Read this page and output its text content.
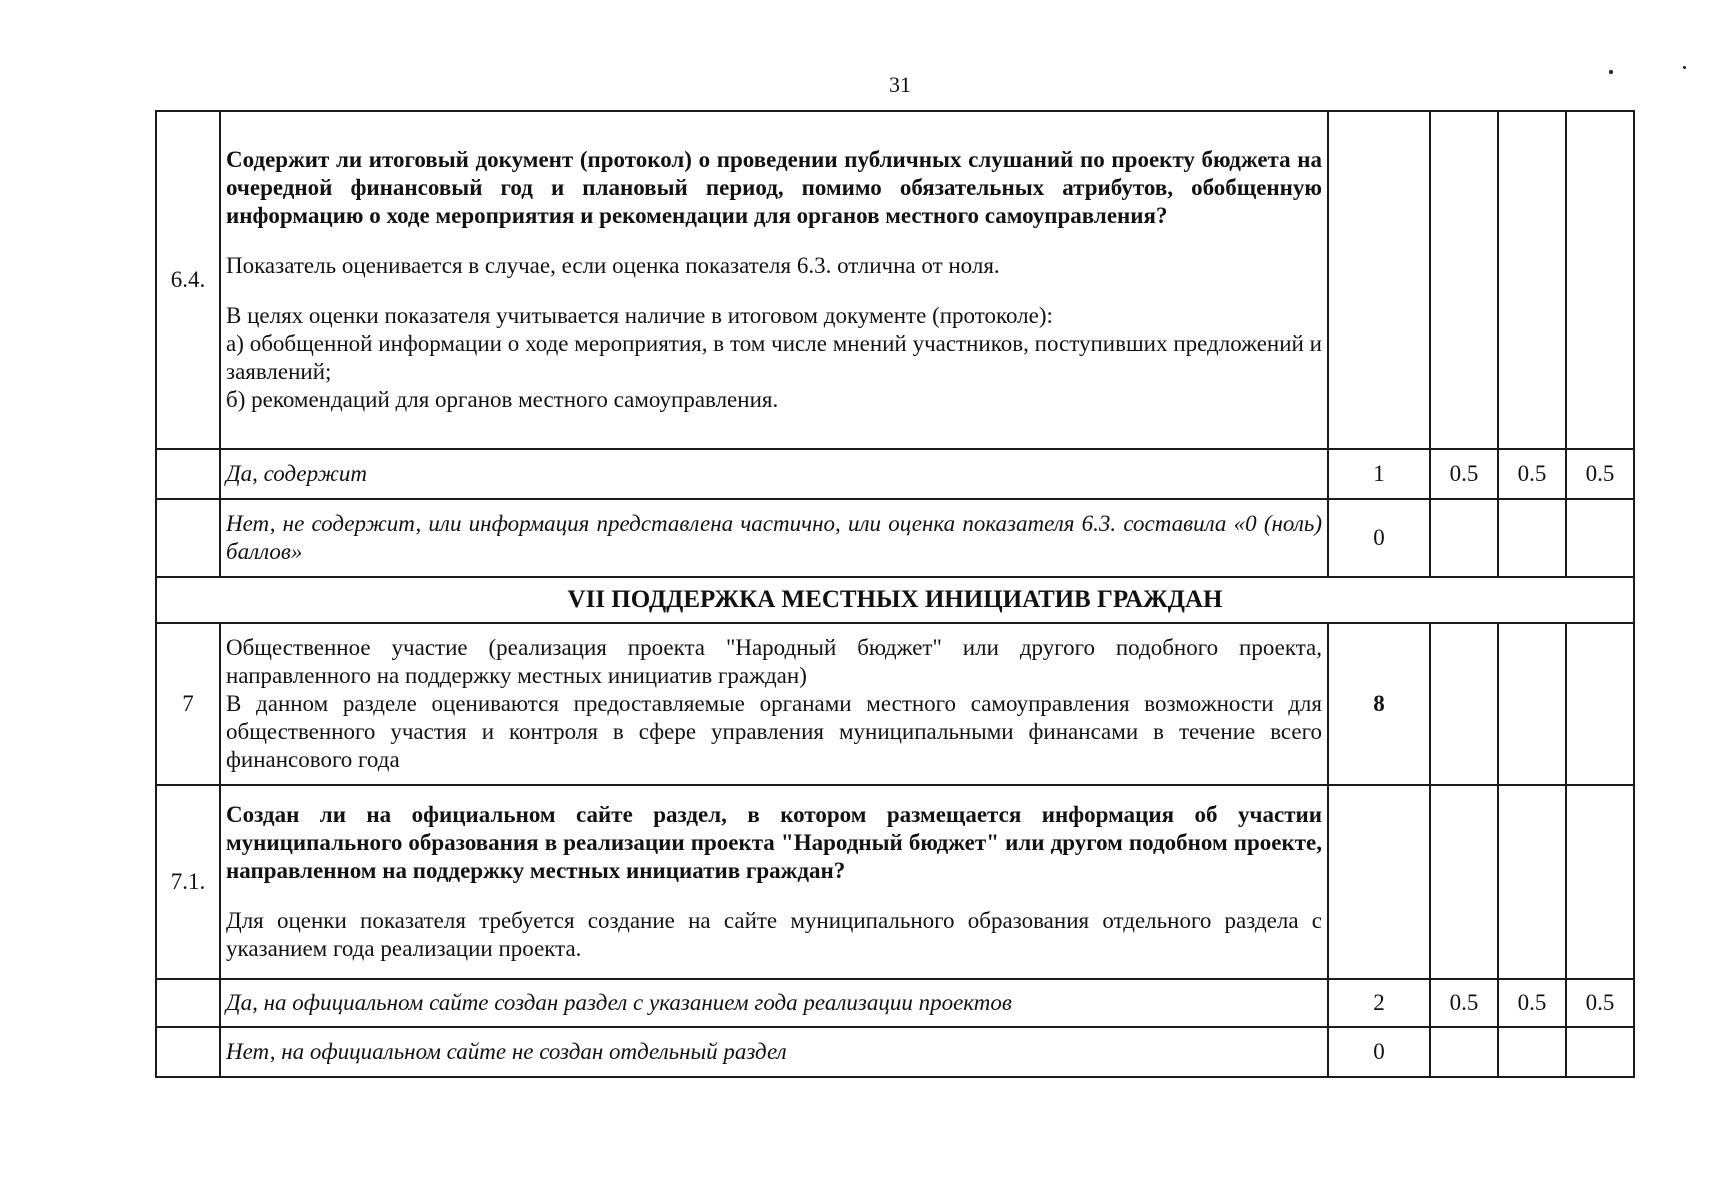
31
6.4.	Содержит ли итоговый документ (протокол) о проведении публичных слушаний по проекту бюджета на очередной финансовый год и плановый период, помимо обязательных атрибутов, обобщенную информацию о ходе мероприятия и рекомендации для органов местного самоуправления?

Показатель оценивается в случае, если оценка показателя 6.3. отлична от ноля.

В целях оценки показателя учитывается наличие в итоговом документе (протоколе):

а) обобщенной информации о ходе мероприятия, в том числе мнений участников, поступивших предложений и заявлений;

б) рекомендаций для органов местного самоуправления.				

	Да, содержит	1	0.5	0.5	0.5
	Нет, не содержит, или информация представлена частично, или оценка показателя 6.3. составила «0 (ноль) баллов»	0			
VII ПОДДЕРЖКА МЕСТНЫХ ИНИЦИАТИВ ГРАЖДАН					
7	Общественное участие (реализация проекта "Народный бюджет" или другого подобного проекта, направленного на поддержку местных инициатив граждан)

В данном разделе оцениваются предоставляемые органами местного самоуправления возможности для общественного участия и контроля в сфере управления муниципальными финансами в течение всего финансового года	8			
7.1.	Создан ли на официальном сайте раздел, в котором размещается информация об участии муниципального образования в реализации проекта "Народный бюджет" или другом подобном проекте, направленном на поддержку местных инициатив граждан?

Для оценки показателя требуется создание на сайте муниципального образования отдельного раздела с указанием года реализации проекта.				

	Да, на официальном сайте создан раздел с указанием года реализации проектов	2	0.5	0.5	0.5
	Нет, на официальном сайте не создан отдельный раздел	0			
